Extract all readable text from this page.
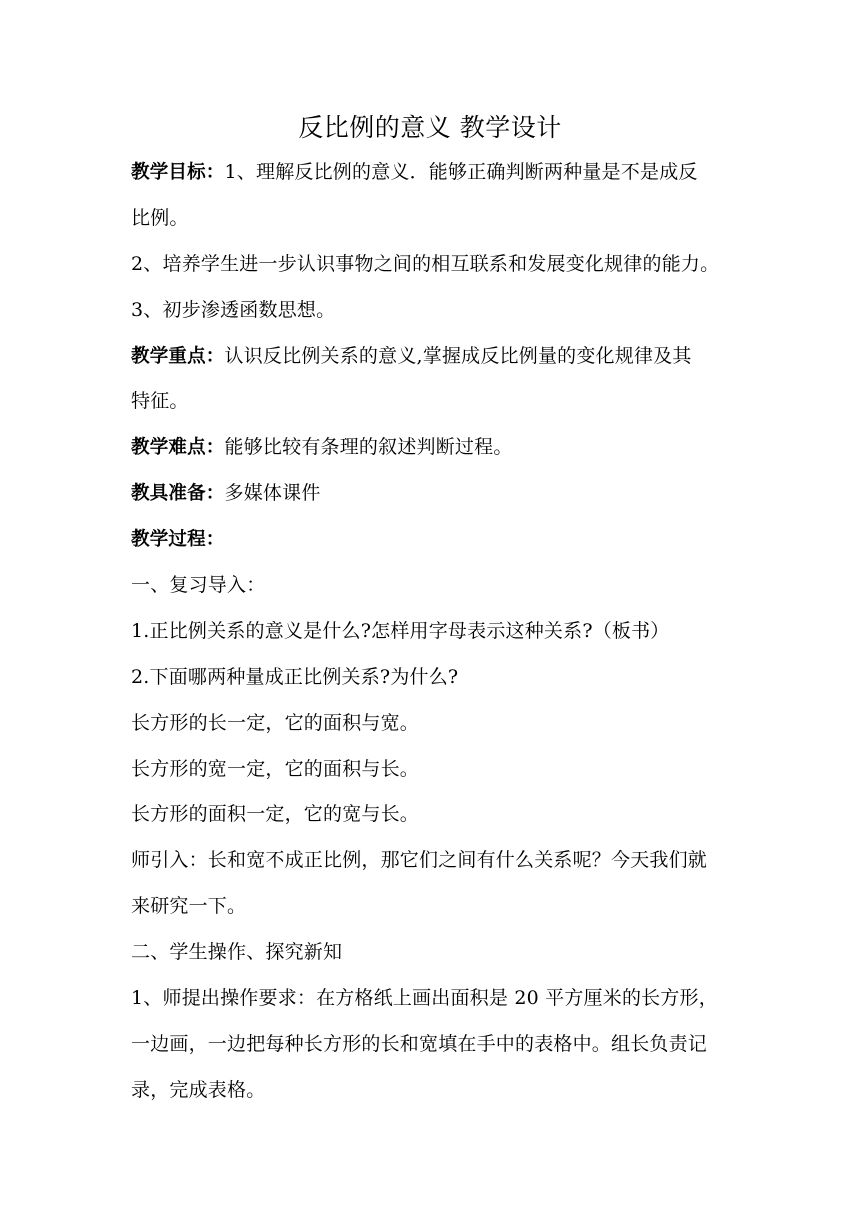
反比例的意义 教学设计
教学目标：1、理解反比例的意义．能够正确判断两种量是不是成反
比例。
2、培养学生进一步认识事物之间的相互联系和发展变化规律的能力。
3、初步渗透函数思想。
教学重点：认识反比例关系的意义,掌握成反比例量的变化规律及其
特征。
教学难点：能够比较有条理的叙述判断过程。
教具准备：多媒体课件
教学过程：
一、复习导入：
1.正比例关系的意义是什么?怎样用字母表示这种关系?（板书）
2.下面哪两种量成正比例关系?为什么?
长方形的长一定，它的面积与宽。
长方形的宽一定，它的面积与长。
长方形的面积一定，它的宽与长。
师引入：长和宽不成正比例，那它们之间有什么关系呢？今天我们就
来研究一下。
二、学生操作、探究新知
1、师提出操作要求：在方格纸上画出面积是 20 平方厘米的长方形，
一边画，一边把每种长方形的长和宽填在手中的表格中。组长负责记
录，完成表格。
